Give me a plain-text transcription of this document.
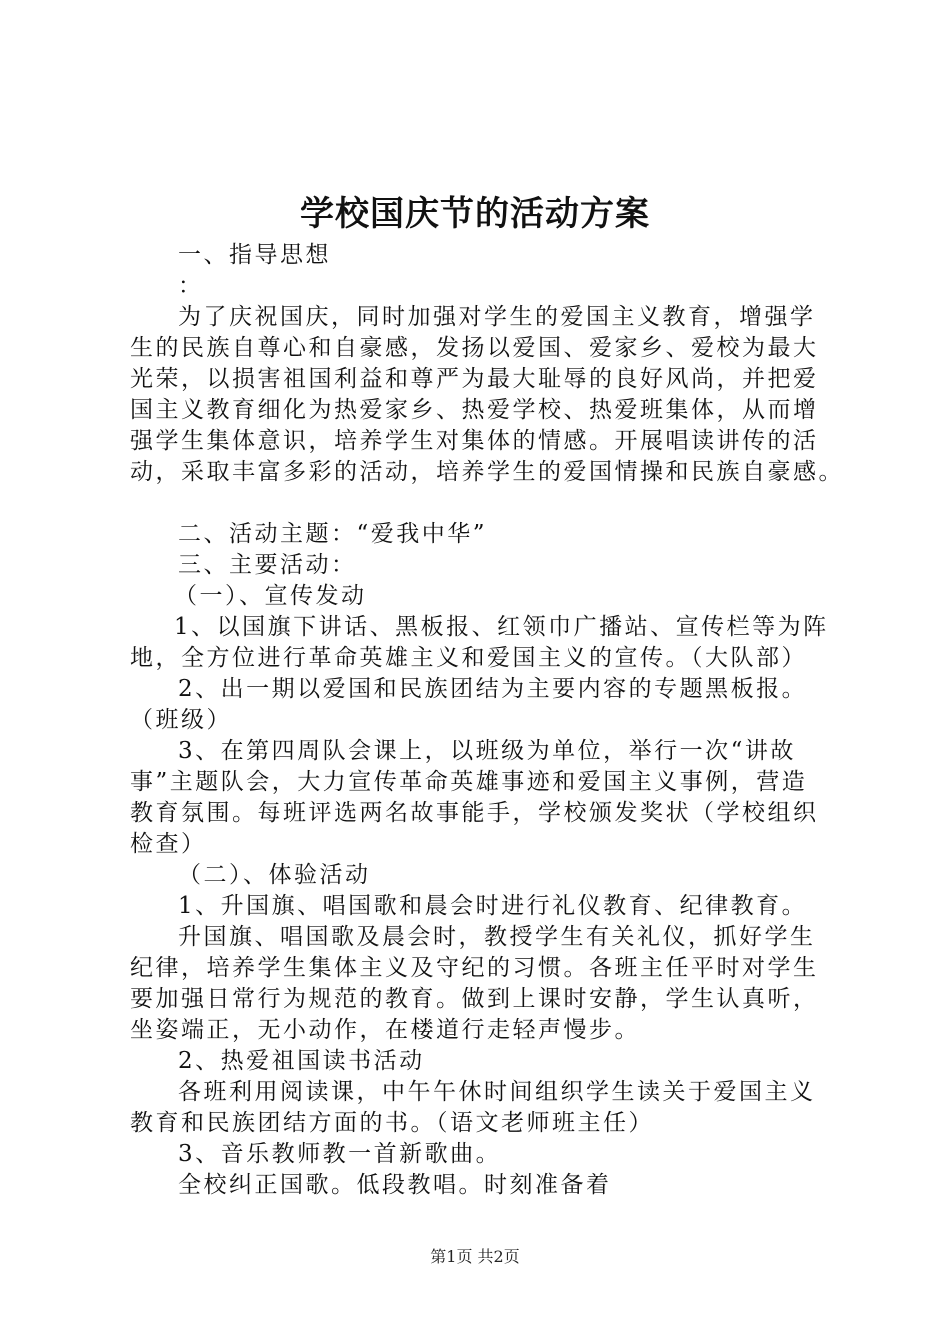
学校国庆节的活动方案
一、指导思想
：
为了庆祝国庆，同时加强对学生的爱国主义教育，增强学
生的民族自尊心和自豪感，发扬以爱国、爱家乡、爱校为最大
光荣，以损害祖国利益和尊严为最大耻辱的良好风尚，并把爱
国主义教育细化为热爱家乡、热爱学校、热爱班集体，从而增
强学生集体意识，培养学生对集体的情感。开展唱读讲传的活
动，采取丰富多彩的活动，培养学生的爱国情操和民族自豪感。
二、活动主题：“爱我中华”
三、主要活动：
（一）、宣传发动
1、以国旗下讲话、黑板报、红领巾广播站、宣传栏等为阵
地，全方位进行革命英雄主义和爱国主义的宣传。（大队部）
2、出一期以爱国和民族团结为主要内容的专题黑板报。
（班级）
3、在第四周队会课上，以班级为单位，举行一次“讲故
事”主题队会，大力宣传革命英雄事迹和爱国主义事例，营造
教育氛围。每班评选两名故事能手，学校颁发奖状（学校组织
检查）
（二）、体验活动
1、升国旗、唱国歌和晨会时进行礼仪教育、纪律教育。
升国旗、唱国歌及晨会时，教授学生有关礼仪，抓好学生
纪律，培养学生集体主义及守纪的习惯。各班主任平时对学生
要加强日常行为规范的教育。做到上课时安静，学生认真听，
坐姿端正，无小动作，在楼道行走轻声慢步。
2、热爱祖国读书活动
各班利用阅读课，中午午休时间组织学生读关于爱国主义
教育和民族团结方面的书。（语文老师班主任）
3、音乐教师教一首新歌曲。
全校纠正国歌。低段教唱。时刻准备着
第1页 共2页
